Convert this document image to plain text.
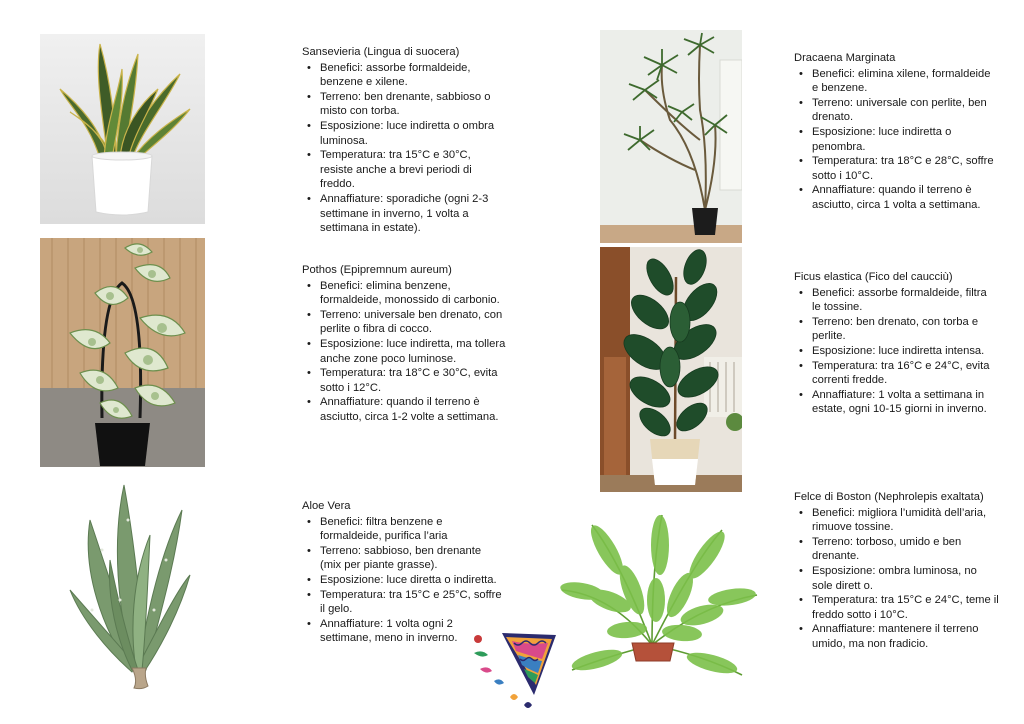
Sansevieria (Lingua di suocera)
• Benefici: assorbe formaldeide, benzene e xilene.
• Terreno: ben drenante, sabbioso o misto con torba.
• Esposizione: luce indiretta o ombra luminosa.
• Temperatura: tra 15°C e 30°C, resiste anche a brevi periodi di freddo.
• Annaffiature: sporadiche (ogni 2-3 settimane in inverno, 1 volta a settimana in estate).
Pothos (Epipremnum aureum)
• Benefici: elimina benzene, formaldeide, monossido di carbonio.
• Terreno: universale ben drenato, con perlite o fibra di cocco.
• Esposizione: luce indiretta, ma tollera anche zone poco luminose.
• Temperatura: tra 18°C e 30°C, evita sotto i 12°C.
• Annaffiature: quando il terreno è asciutto, circa 1-2 volte a settimana.
Aloe Vera
• Benefici: filtra benzene e formaldeide, purifica l’aria
• Terreno: sabbioso, ben drenante (mix per piante grasse).
• Esposizione: luce diretta o indiretta.
• Temperatura: tra 15°C e 25°C, soffre il gelo.
• Annaffiature: 1 volta ogni 2 settimane, meno in inverno.
Dracaena Marginata
• Benefici: elimina xilene, formaldeide e benzene.
• Terreno: universale con perlite, ben drenato.
• Esposizione: luce indiretta o penombra.
• Temperatura: tra 18°C e 28°C, soffre sotto i 10°C.
• Annaffiature: quando il terreno è asciutto, circa 1 volta a settimana.
Ficus elastica (Fico del caucciù)
• Benefici: assorbe formaldeide, filtra le tossine.
• Terreno: ben drenato, con torba e perlite.
• Esposizione: luce indiretta intensa.
• Temperatura: tra 16°C e 24°C, evita correnti fredde.
• Annaffiature: 1 volta a settimana in estate, ogni 10-15 giorni in inverno.
Felce di Boston (Nephrolepis exaltata)
• Benefici: migliora l’umidità dell’aria, rimuove tossine.
• Terreno: torboso, umido e ben drenante.
• Esposizione: ombra luminosa, no sole dirett o.
• Temperatura: tra 15°C e 24°C, teme il freddo sotto i 10°C.
• Annaffiature: mantenere il terreno umido, ma non fradicio.
